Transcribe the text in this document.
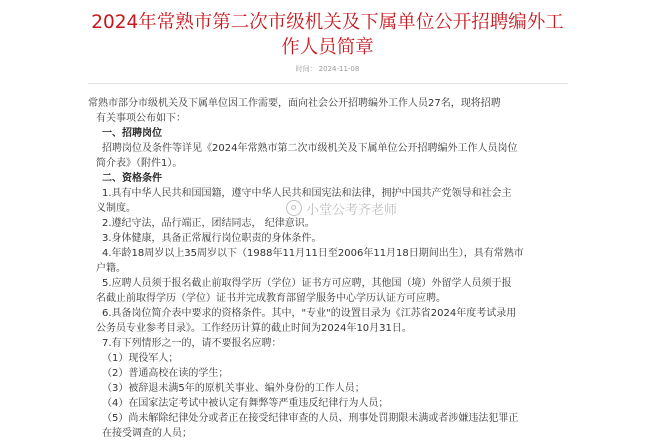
2024年常熟市第二次市级机关及下属单位公开招聘编外工
作人员简章
时间： 2024-11-08
常熟市部分市级机关及下属单位因工作需要，面向社会公开招聘编外工作人员27名，现将招聘
有关事项公布如下：
一、招聘岗位
招聘岗位及条件等详见《2024年常熟市第二次市级机关及下属单位公开招聘编外工作人员岗位
简介表》（附件1）。
二、资格条件
1.具有中华人民共和国国籍，遵守中华人民共和国宪法和法律，拥护中国共产党领导和社会主
义制度。
2.遵纪守法，品行端正，团结同志， 纪律意识。
3.身体健康，具备正常履行岗位职责的身体条件。
4.年龄18周岁以上35周岁以下（1988年11月11日至2006年11月18日期间出生），具有常熟市
户籍。
5.应聘人员须于报名截止前取得学历（学位）证书方可应聘，其他国（境）外留学人员须于报
名截止前取得学历（学位）证书并完成教育部留学服务中心学历认证方可应聘。
6.具备岗位简介表中要求的资格条件。其中，"专业"的设置目录为《江苏省2024年度考试录用
公务员专业参考目录》。工作经历计算的截止时间为2024年10月31日。
7.有下列情形之一的，请不要报名应聘：
（1）现役军人；
（2）普通高校在读的学生；
（3）被辞退未满5年的原机关事业、编外身份的工作人员；
（4）在国家法定考试中被认定有舞弊等严重违反纪律行为人员；
（5）尚未解除纪律处分或者正在接受纪律审查的人员、刑事处罚期限未满或者涉嫌违法犯罪正
在接受调查的人员；
小堂公考齐老师
